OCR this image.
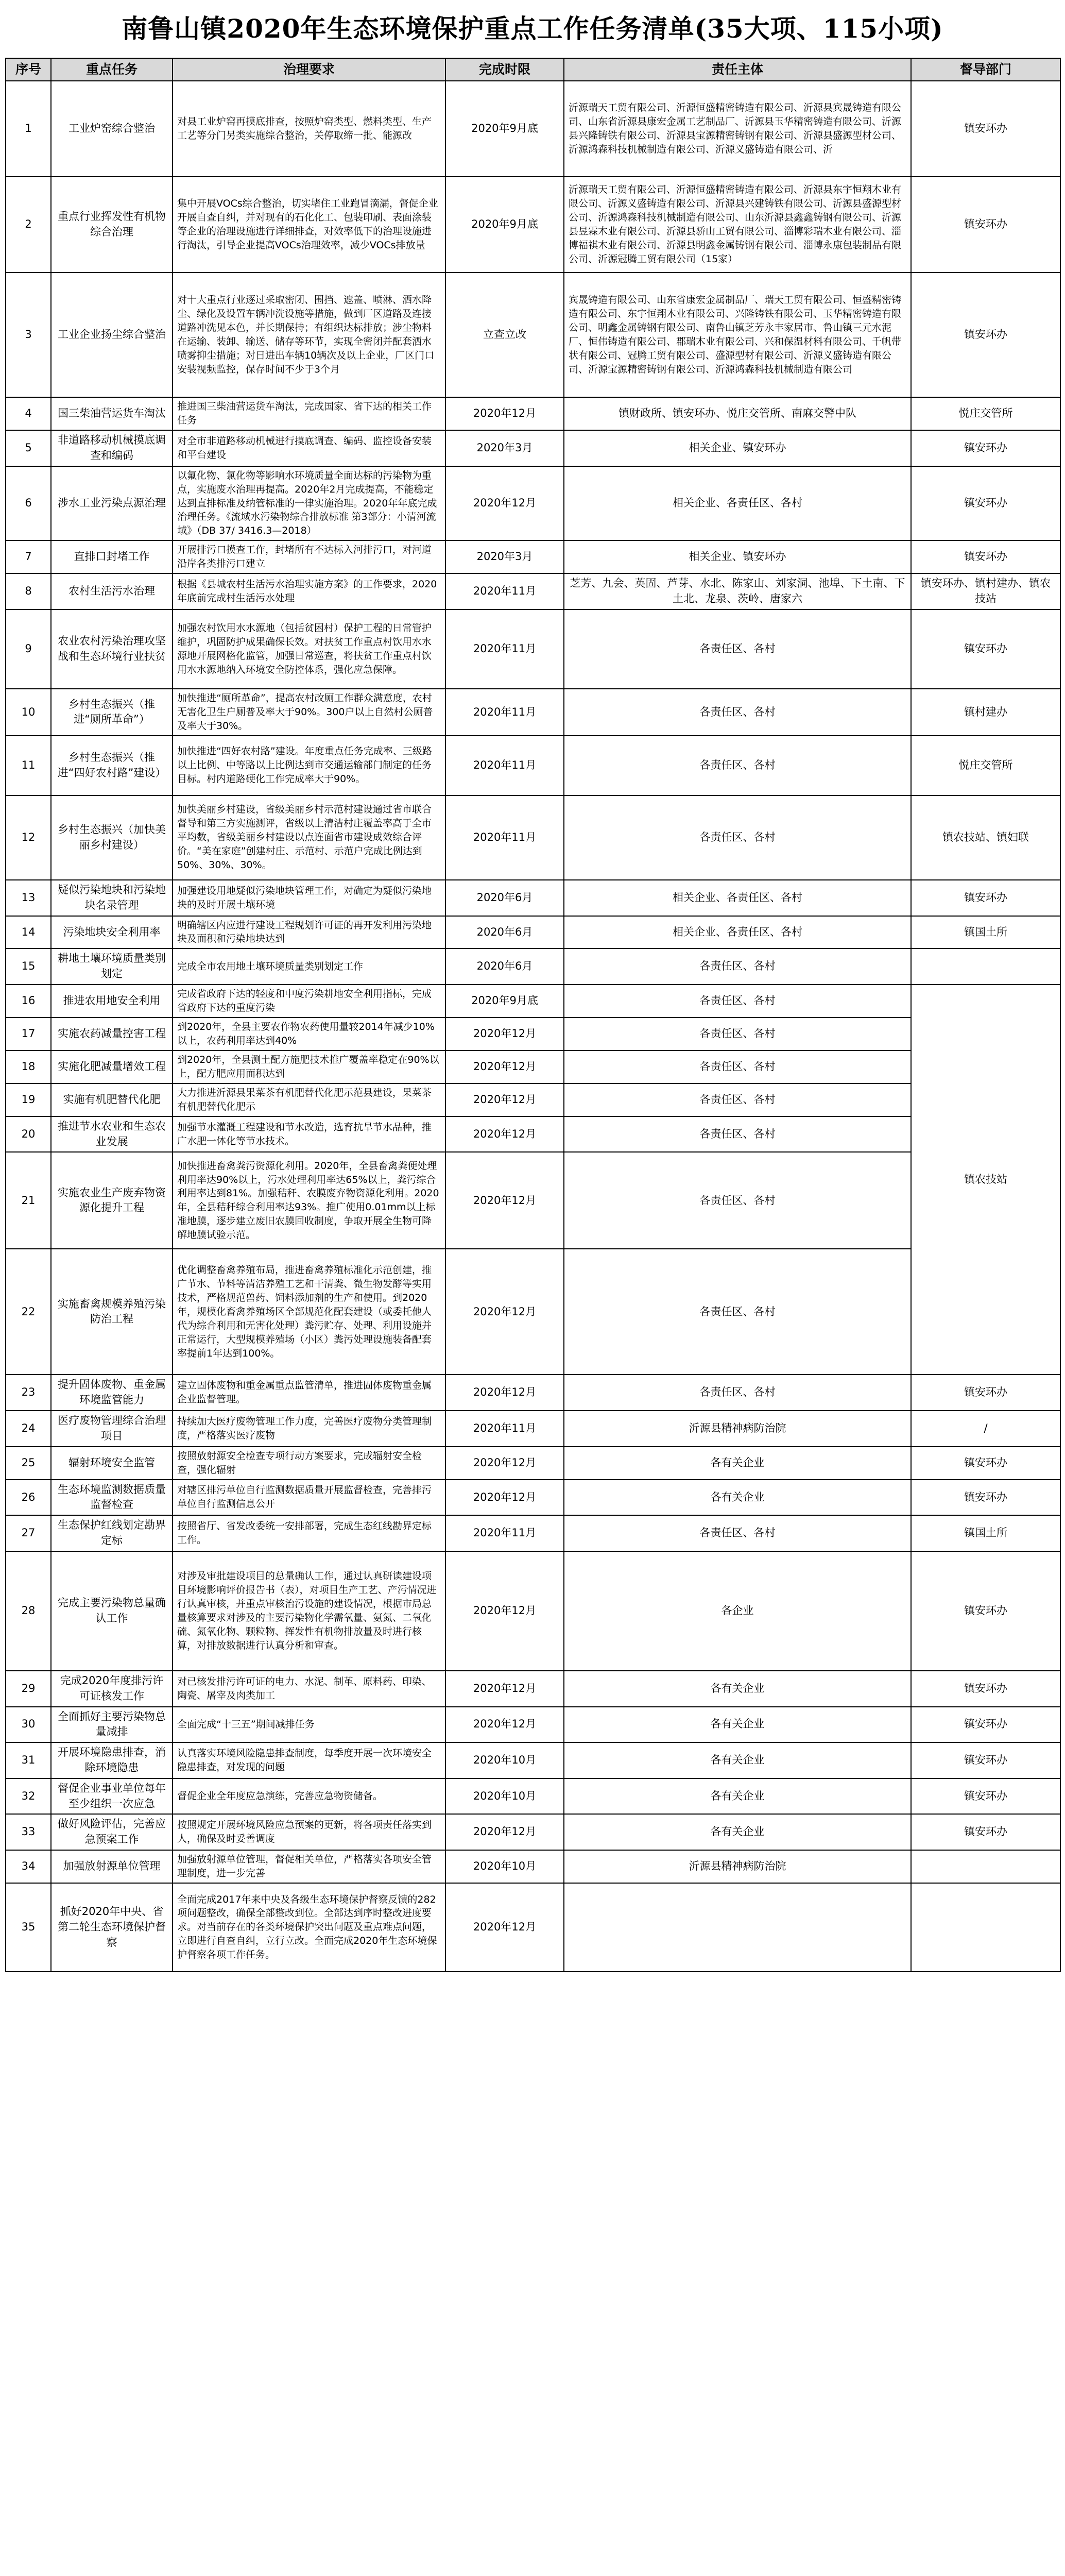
南鲁山镇2020年生态环境保护重点工作任务清单(35大项、115小项)
序号	重点任务	治理要求	完成时限	责任主体	督导部门
1	工业炉窑综合整治	对县工业炉窑再摸底排查，按照炉窑类型、燃料类型、生产工艺等分门另类实施综合整治，关停取缔一批、能源改	2020年9月底	沂源瑞天工贸有限公司、沂源恒盛精密铸造有限公司、沂源县宾晟铸造有限公司、山东省沂源县康宏金属工艺制品厂、沂源县玉华精密铸造有限公司、沂源县兴隆铸铁有限公司、沂源县宝源精密铸钢有限公司、沂源县盛源型材公司、沂源鸿森科技机械制造有限公司、沂源义盛铸造有限公司、沂	镇安环办
2	重点行业挥发性有机物综合治理	集中开展VOCs综合整治，切实堵住工业跑冒滴漏，督促企业开展自查自纠，并对现有的石化化工、包装印刷、表面涂装等企业的治理设施进行详细排查，对效率低下的治理设施进行淘汰，引导企业提高VOCs治理效率，减少VOCs排放量	2020年9月底	沂源瑞天工贸有限公司、沂源恒盛精密铸造有限公司、沂源县东宇恒翔木业有限公司、沂源义盛铸造有限公司、沂源县兴建铸铁有限公司、沂源县盛源型材公司、沂源鸿森科技机械制造有限公司、山东沂源县鑫鑫铸钢有限公司、沂源县昱霖木业有限公司、沂源县骄山工贸有限公司、淄博彩瑞木业有限公司、淄博福祺木业有限公司、沂源县明鑫金属铸钢有限公司、淄博永康包装制品有限公司、沂源冠腾工贸有限公司（15家）	镇安环办
3	工业企业扬尘综合整治	对十大重点行业逐过采取密闭、围挡、遮盖、喷淋、洒水降尘、绿化及设置车辆冲洗设施等措施，做到厂区道路及连接道路冲洗见本色，并长期保持；有组织达标排放；涉尘物料在运输、装卸、输送、储存等环节，实现全密闭并配套洒水喷雾抑尘措施；对日进出车辆10辆次及以上企业，厂区门口安装视频监控，保存时间不少于3个月	立查立改	宾晟铸造有限公司、山东省康宏金属制品厂、瑞天工贸有限公司、恒盛精密铸造有限公司、东宇恒翔木业有限公司、兴隆铸铁有限公司、玉华精密铸造有限公司、明鑫金属铸钢有限公司、南鲁山镇芝芳永丰家居市、鲁山镇三元水泥厂、恒伟铸造有限公司、郡瑞木业有限公司、兴和保温材料有限公司、千帆带状有限公司、冠腾工贸有限公司、盛源型材有限公司、沂源义盛铸造有限公司、沂源宝源精密铸钢有限公司、沂源鸿森科技机械制造有限公司	镇安环办
4	国三柴油营运货车淘汰	推进国三柴油营运货车淘汰，完成国家、省下达的相关工作任务	2020年12月	镇财政所、镇安环办、悦庄交管所、南麻交警中队	悦庄交管所
5	非道路移动机械摸底调查和编码	对全市非道路移动机械进行摸底调查、编码、监控设备安装和平台建设	2020年3月	相关企业、镇安环办	镇安环办
6	涉水工业污染点源治理	以氟化物、氯化物等影响水环境质量全面达标的污染物为重点，实施废水治理再提高。2020年2月完成提高，不能稳定达到直排标准及纳管标准的一律实施治理。2020年年底完成治理任务。《流域水污染物综合排放标准 第3部分：小清河流域》（DB 37/ 3416.3—2018）	2020年12月	相关企业、各责任区、各村	镇安环办
7	直排口封堵工作	开展排污口摸查工作，封堵所有不达标入河排污口，对河道沿岸各类排污口建立	2020年3月	相关企业、镇安环办	镇安环办
8	农村生活污水治理	根据《县城农村生活污水治理实施方案》的工作要求，2020年底前完成村生活污水处理	2020年11月	芝芳、九会、英固、芦芽、水北、陈家山、刘家洞、池埠、下土南、下土北、龙泉、茨岭、唐家六	镇安环办、镇村建办、镇农技站
9	农业农村污染治理攻坚战和生态环境行业扶贫	加强农村饮用水水源地（包括贫困村）保护工程的日常管护维护，巩固防护成果确保长效。对扶贫工作重点村饮用水水源地开展网格化监管，加强日常巡查，将扶贫工作重点村饮用水水源地纳入环境安全防控体系，强化应急保障。	2020年11月	各责任区、各村	镇安环办
10	乡村生态振兴（推进“厕所革命”）	加快推进“厕所革命”，提高农村改厕工作群众满意度，农村无害化卫生户厕普及率大于90%。300户以上自然村公厕普及率大于30%。	2020年11月	各责任区、各村	镇村建办
11	乡村生态振兴（推进“四好农村路”建设）	加快推进“四好农村路”建设。年度重点任务完成率、三级路以上比例、中等路以上比例达到市交通运输部门制定的任务目标。村内道路硬化工作完成率大于90%。	2020年11月	各责任区、各村	悦庄交管所
12	乡村生态振兴（加快美丽乡村建设）	加快美丽乡村建设，省级美丽乡村示范村建设通过省市联合督导和第三方实施测评，省级以上清洁村庄覆盖率高于全市平均数，省级美丽乡村建设以点连面省市建设成效综合评价。“美在家庭”创建村庄、示范村、示范户完成比例达到50%、30%、30%。	2020年11月	各责任区、各村	镇农技站、镇妇联
13	疑似污染地块和污染地块名录管理	加强建设用地疑似污染地块管理工作，对确定为疑似污染地块的及时开展土壤环境	2020年6月	相关企业、各责任区、各村	镇安环办
14	污染地块安全利用率	明确辖区内应进行建设工程规划许可证的再开发利用污染地块及面积和污染地块达到	2020年6月	相关企业、各责任区、各村	镇国土所
15	耕地土壤环境质量类别划定	完成全市农用地土壤环境质量类别划定工作	2020年6月	各责任区、各村	
16	推进农用地安全利用	完成省政府下达的轻度和中度污染耕地安全利用指标，完成省政府下达的重度污染	2020年9月底	各责任区、各村	镇农技站
17	实施农药减量控害工程	到2020年，全县主要农作物农药使用量较2014年减少10%以上，农药利用率达到40%	2020年12月	各责任区、各村	
18	实施化肥减量增效工程	到2020年，全县测土配方施肥技术推广覆盖率稳定在90%以上，配方肥应用面积达到	2020年12月	各责任区、各村	
19	实施有机肥替代化肥	大力推进沂源县果菜茶有机肥替代化肥示范县建设，果菜茶有机肥替代化肥示	2020年12月	各责任区、各村	
20	推进节水农业和生态农业发展	加强节水灌溉工程建设和节水改造，选育抗旱节水品种，推广水肥一体化等节水技术。	2020年12月	各责任区、各村	
21	实施农业生产废弃物资源化提升工程	加快推进畜禽粪污资源化利用。2020年，全县畜禽粪便处理利用率达90%以上，污水处理利用率达65%以上，粪污综合利用率达到81%。加强秸秆、农膜废弃物资源化利用。2020年，全县秸秆综合利用率达93%。推广使用0.01mm以上标准地膜，逐步建立废旧农膜回收制度，争取开展全生物可降解地膜试验示范。	2020年12月	各责任区、各村	
22	实施畜禽规模养殖污染防治工程	优化调整畜禽养殖布局，推进畜禽养殖标准化示范创建，推广节水、节料等清洁养殖工艺和干清粪、微生物发酵等实用技术，严格规范兽药、饲料添加剂的生产和使用。到2020年，规模化畜禽养殖场区全部规范化配套建设（或委托他人代为综合利用和无害化处理）粪污贮存、处理、利用设施并正常运行，大型规模养殖场（小区）粪污处理设施装备配套率提前1年达到100%。	2020年12月	各责任区、各村	
23	提升固体废物、重金属环境监管能力	建立固体废物和重金属重点监管清单，推进固体废物重金属企业监督管理。	2020年12月	各责任区、各村	镇安环办
24	医疗废物管理综合治理项目	持续加大医疗废物管理工作力度，完善医疗废物分类管理制度，严格落实医疗废物	2020年11月	沂源县精神病防治院	/
25	辐射环境安全监管	按照放射源安全检查专项行动方案要求，完成辐射安全检查，强化辐射	2020年12月	各有关企业	镇安环办
26	生态环境监测数据质量监督检查	对辖区排污单位自行监测数据质量开展监督检查，完善排污单位自行监测信息公开	2020年12月	各有关企业	镇安环办
27	生态保护红线划定勘界定标	按照省厅、省发改委统一安排部署，完成生态红线勘界定标工作。	2020年11月	各责任区、各村	镇国土所
28	完成主要污染物总量确认工作	对涉及审批建设项目的总量确认工作，通过认真研读建设项目环境影响评价报告书（表），对项目生产工艺、产污情况进行认真审核，并重点审核治污设施的建设情况，根据市局总量核算要求对涉及的主要污染物化学需氧量、氨氮、二氧化硫、氮氧化物、颗粒物、挥发性有机物排放量及时进行核算，对排放数据进行认真分析和审查。	2020年12月	各企业	镇安环办
29	完成2020年度排污许可证核发工作	对已核发排污许可证的电力、水泥、制革、原料药、印染、陶瓷、屠宰及肉类加工	2020年12月	各有关企业	镇安环办
30	全面抓好主要污染物总量减排	全面完成“十三五”期间减排任务	2020年12月	各有关企业	镇安环办
31	开展环境隐患排查，消除环境隐患	认真落实环境风险隐患排查制度，每季度开展一次环境安全隐患排查，对发现的问题	2020年10月	各有关企业	镇安环办
32	督促企业事业单位每年至少组织一次应急	督促企业全年度应急演练，完善应急物资储备。	2020年10月	各有关企业	镇安环办
33	做好风险评估，完善应急预案工作	按照规定开展环境风险应急预案的更新，将各项责任落实到人，确保及时妥善调度	2020年12月	各有关企业	镇安环办
34	加强放射源单位管理	加强放射源单位管理，督促相关单位，严格落实各项安全管理制度，进一步完善	2020年10月	沂源县精神病防治院	
35	抓好2020年中央、省第二轮生态环境保护督察	全面完成2017年来中央及各级生态环境保护督察反馈的282项问题整改，确保全部整改到位。全部达到序时整改进度要求。对当前存在的各类环境保护突出问题及重点难点问题，立即进行自查自纠，立行立改。全面完成2020年生态环境保护督察各项工作任务。	2020年12月		
